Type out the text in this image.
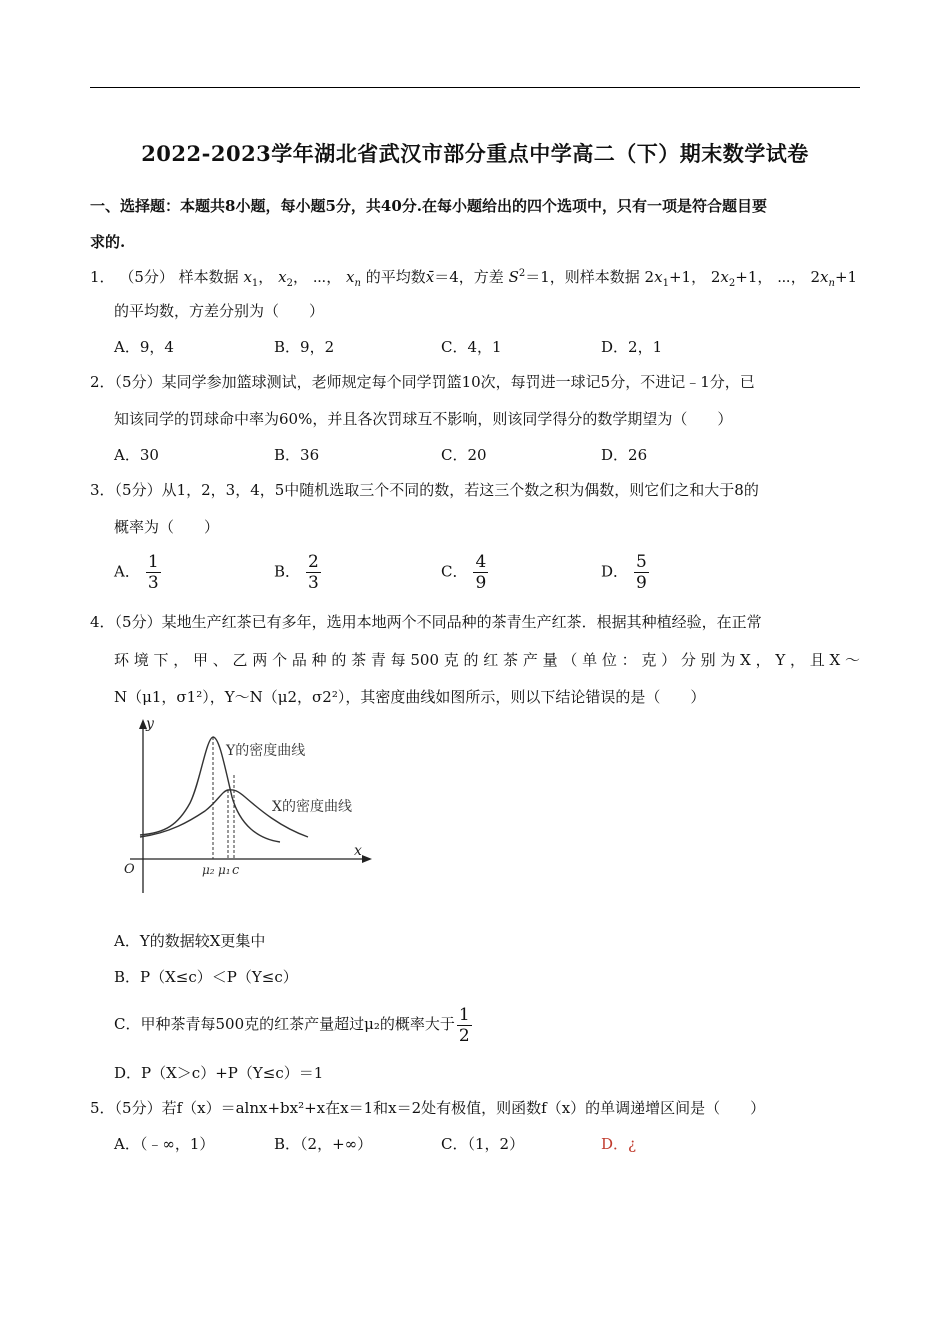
2022-2023学年湖北省武汉市部分重点中学高二（下）期末数学试卷
一、选择题：本题共8小题，每小题5分，共40分.在每小题给出的四个选项中，只有一项是符合题目要
求的.
1． （5分） 样本数据 $x_1$， $x_2$， ⋯， $x_n$ 的平均数x̄＝4，方差 $S^2=1$，则样本数据 $2x_1+1$， $2x_2+1$， ⋯， $2x_n+1$
的平均数，方差分别为（　　）
A．9，4	B．9，2	C．4，1	D．2，1
2．（5分）某同学参加篮球测试，老师规定每个同学罚篮10次，每罚进一球记5分，不进记﹣1分，已
知该同学的罚球命中率为60%，并且各次罚球互不影响，则该同学得分的数学期望为（　　）
A．30	B．36	C．20	D．26
3．（5分）从1，2，3，4，5中随机选取三个不同的数，若这三个数之积为偶数，则它们之和大于8的
概率为（　　）
A． $\frac{1}{3}$	B． $\frac{2}{3}$	C． $\frac{4}{9}$	D． $\frac{5}{9}$
4．（5分）某地生产红茶已有多年，选用本地两个不同品种的茶青生产红茶．根据其种植经验，在正常
环境下，甲、乙两个品种的茶青每500克的红茶产量（单位：克）分别为X，Y，且X～
N（μ1，σ1²），Y～N（μ2，σ2²），其密度曲线如图所示，则以下结论错误的是（　　）
y
x
O
Y的密度曲线
X的密度曲线
μ₂ μ₁ c
A．Y的数据较X更集中
B．P（X≤c）＜P（Y≤c）
C．甲种茶青每500克的红茶产量超过μ₂的概率大于 $\frac{1}{2}$
D．P（X＞c）+P（Y≤c）＝1
5．（5分）若f（x）＝alnx+bx²+x在x＝1和x＝2处有极值，则函数f（x）的单调递增区间是（　　）
A．（﹣∞，1）	B．（2，+∞）	C．（1，2）	D．¿
